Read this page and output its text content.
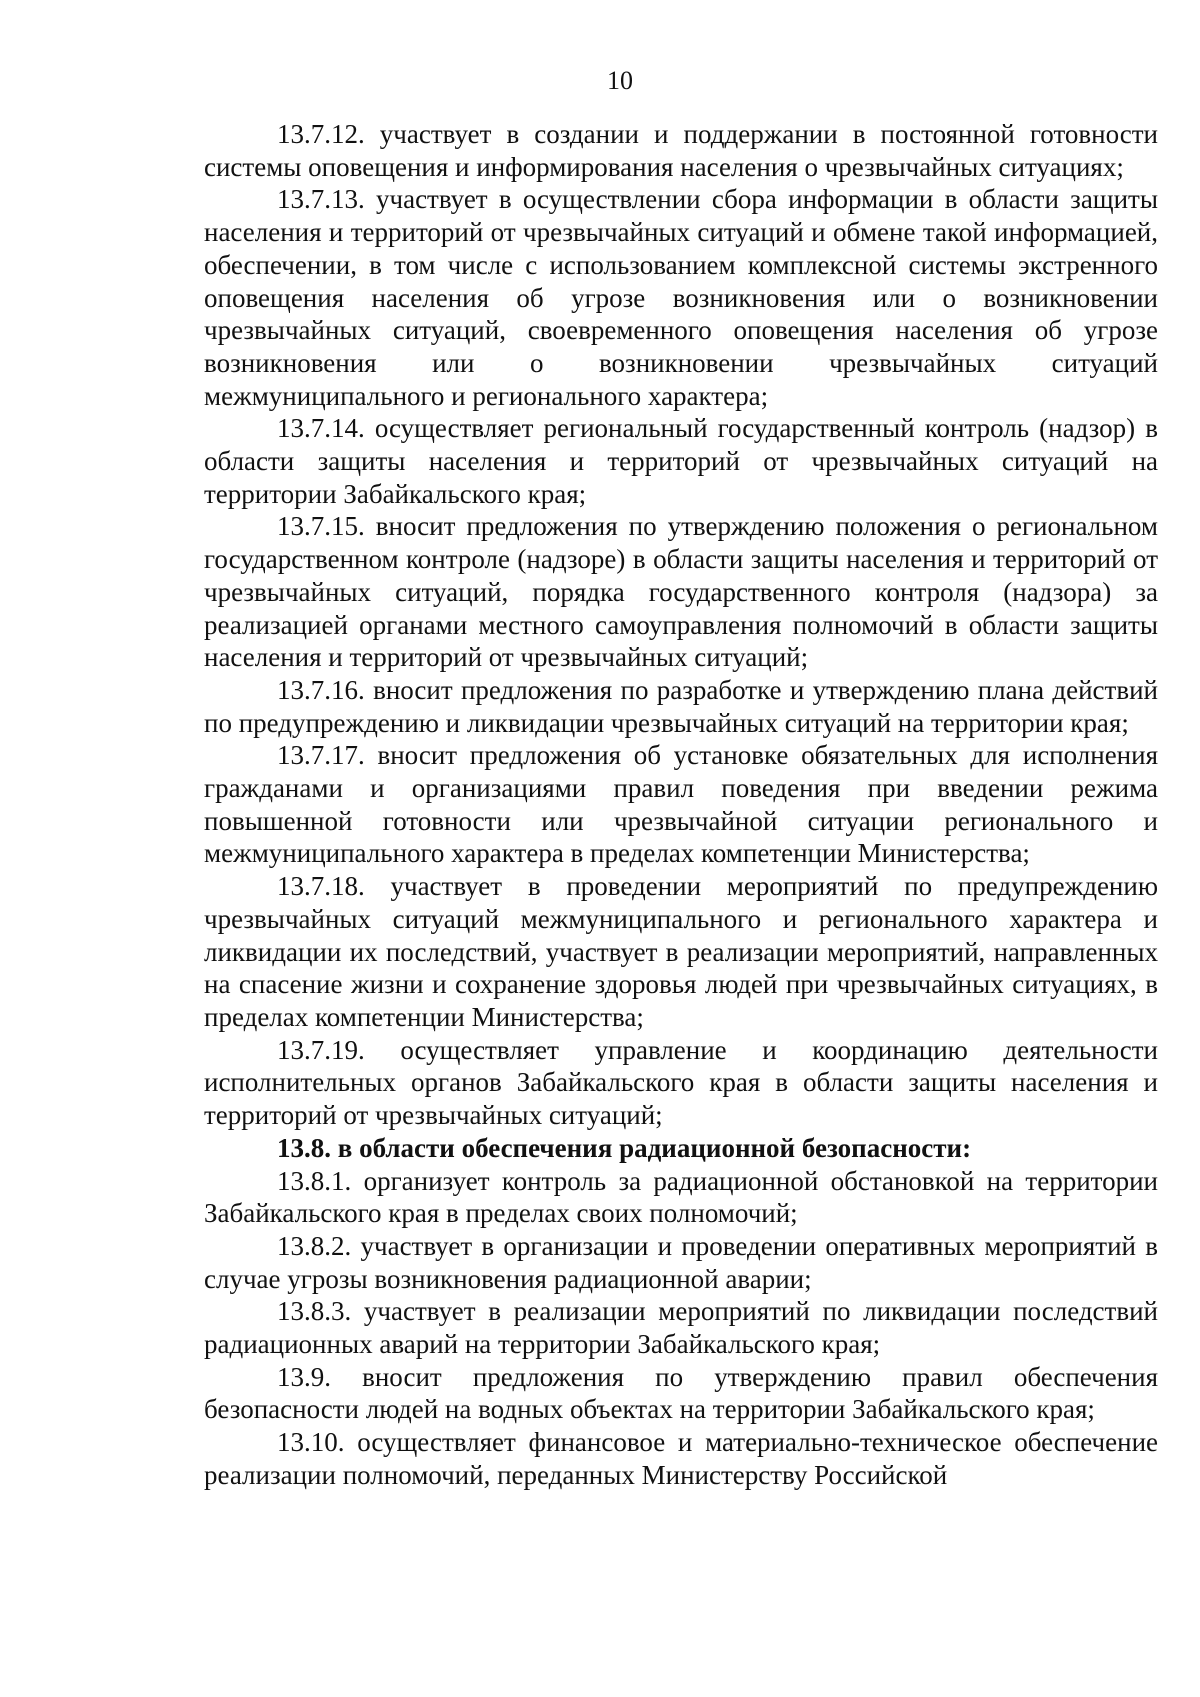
10

13.7.12. участвует в создании и поддержании в постоянной готовности системы оповещения и информирования населения о чрезвычайных ситуациях;

13.7.13. участвует в осуществлении сбора информации в области защиты населения и территорий от чрезвычайных ситуаций и обмене такой информацией, обеспечении, в том числе с использованием комплексной системы экстренного оповещения населения об угрозе возникновения или о возникновении чрезвычайных ситуаций, своевременного оповещения населения об угрозе возникновения или о возникновении чрезвычайных ситуаций межмуниципального и регионального характера;

13.7.14. осуществляет региональный государственный контроль (надзор) в области защиты населения и территорий от чрезвычайных ситуаций на территории Забайкальского края;

13.7.15. вносит предложения по утверждению положения о региональном государственном контроле (надзоре) в области защиты населения и территорий от чрезвычайных ситуаций, порядка государственного контроля (надзора) за реализацией органами местного самоуправления полномочий в области защиты населения и территорий от чрезвычайных ситуаций;

13.7.16. вносит предложения по разработке и утверждению плана действий по предупреждению и ликвидации чрезвычайных ситуаций на территории края;

13.7.17. вносит предложения об установке обязательных для исполнения гражданами и организациями правил поведения при введении режима повышенной готовности или чрезвычайной ситуации регионального и межмуниципального характера в пределах компетенции Министерства;

13.7.18. участвует в проведении мероприятий по предупреждению чрезвычайных ситуаций межмуниципального и регионального характера и ликвидации их последствий, участвует в реализации мероприятий, направленных на спасение жизни и сохранение здоровья людей при чрезвычайных ситуациях, в пределах компетенции Министерства;

13.7.19. осуществляет управление и координацию деятельности исполнительных органов Забайкальского края в области защиты населения и территорий от чрезвычайных ситуаций;

13.8. в области обеспечения радиационной безопасности:

13.8.1. организует контроль за радиационной обстановкой на территории Забайкальского края в пределах своих полномочий;

13.8.2. участвует в организации и проведении оперативных мероприятий в случае угрозы возникновения радиационной аварии;

13.8.3. участвует в реализации мероприятий по ликвидации последствий радиационных аварий на территории Забайкальского края;

13.9. вносит предложения по утверждению правил обеспечения безопасности людей на водных объектах на территории Забайкальского края;

13.10. осуществляет финансовое и материально-техническое обеспечение реализации полномочий, переданных Министерству Российской
